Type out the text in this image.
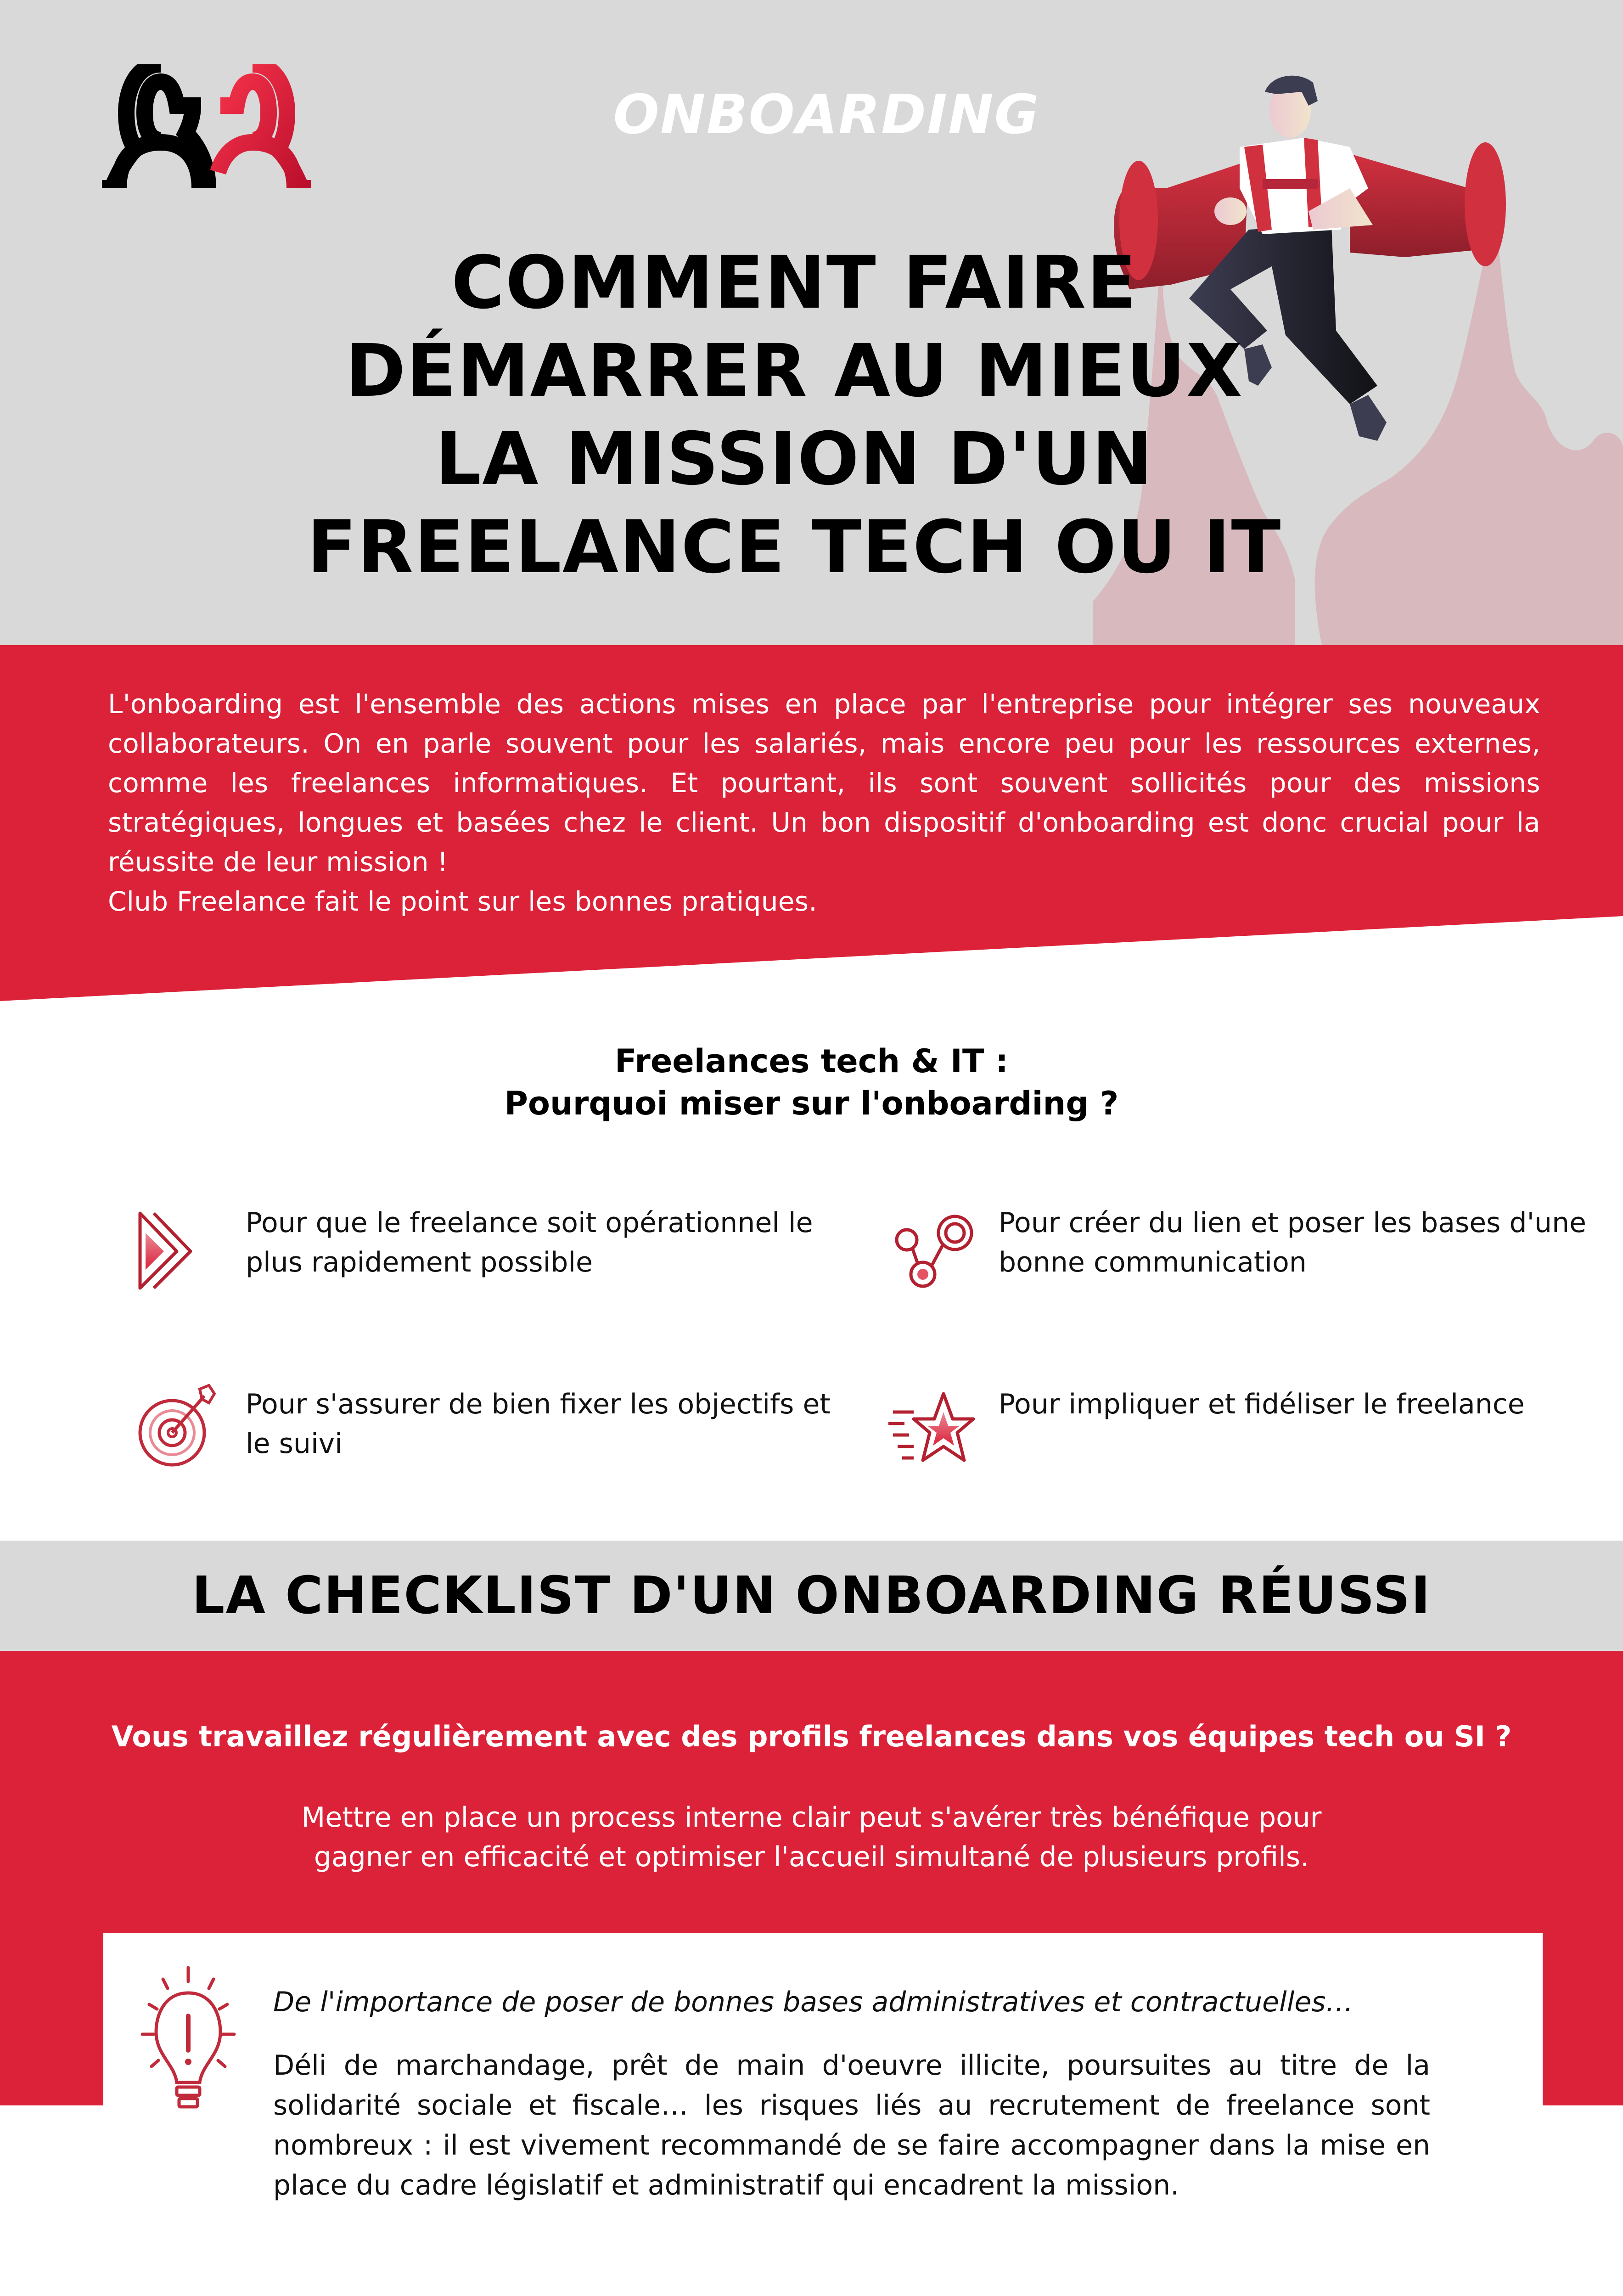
ONBOARDING
COMMENT FAIRE
DÉMARRER AU MIEUX
LA MISSION D'UN
FREELANCE TECH OU IT

L'onboarding est l'ensemble des actions mises en place par l'entreprise pour intégrer ses nouveaux collaborateurs. On en parle souvent pour les salariés, mais encore peu pour les ressources externes, comme les freelances informatiques. Et pourtant, ils sont souvent sollicités pour des missions stratégiques, longues et basées chez le client. Un bon dispositif d'onboarding est donc crucial pour la réussite de leur mission !

Club Freelance fait le point sur les bonnes pratiques.

Freelances tech & IT :
Pourquoi miser sur l'onboarding ?
Pour que le freelance soit opérationnel le plus rapidement possible
Pour créer du lien et poser les bases d'une bonne communication
Pour s'assurer de bien fixer les objectifs et le suivi
Pour impliquer et fidéliser le freelance
LA CHECKLIST D'UN ONBOARDING RÉUSSI
Vous travaillez régulièrement avec des profils freelances dans vos équipes tech ou SI ?
Mettre en place un process interne clair peut s'avérer très bénéfique pour
gagner en efficacité et optimiser l'accueil simultané de plusieurs profils.
De l'importance de poser de bonnes bases administratives et contractuelles…
Déli de marchandage, prêt de main d'oeuvre illicite, poursuites au titre de la solidarité sociale et fiscale… les risques liés au recrutement de freelance sont nombreux : il est vivement recommandé de se faire accompagner dans la mise en place du cadre législatif et administratif qui encadrent la mission.
